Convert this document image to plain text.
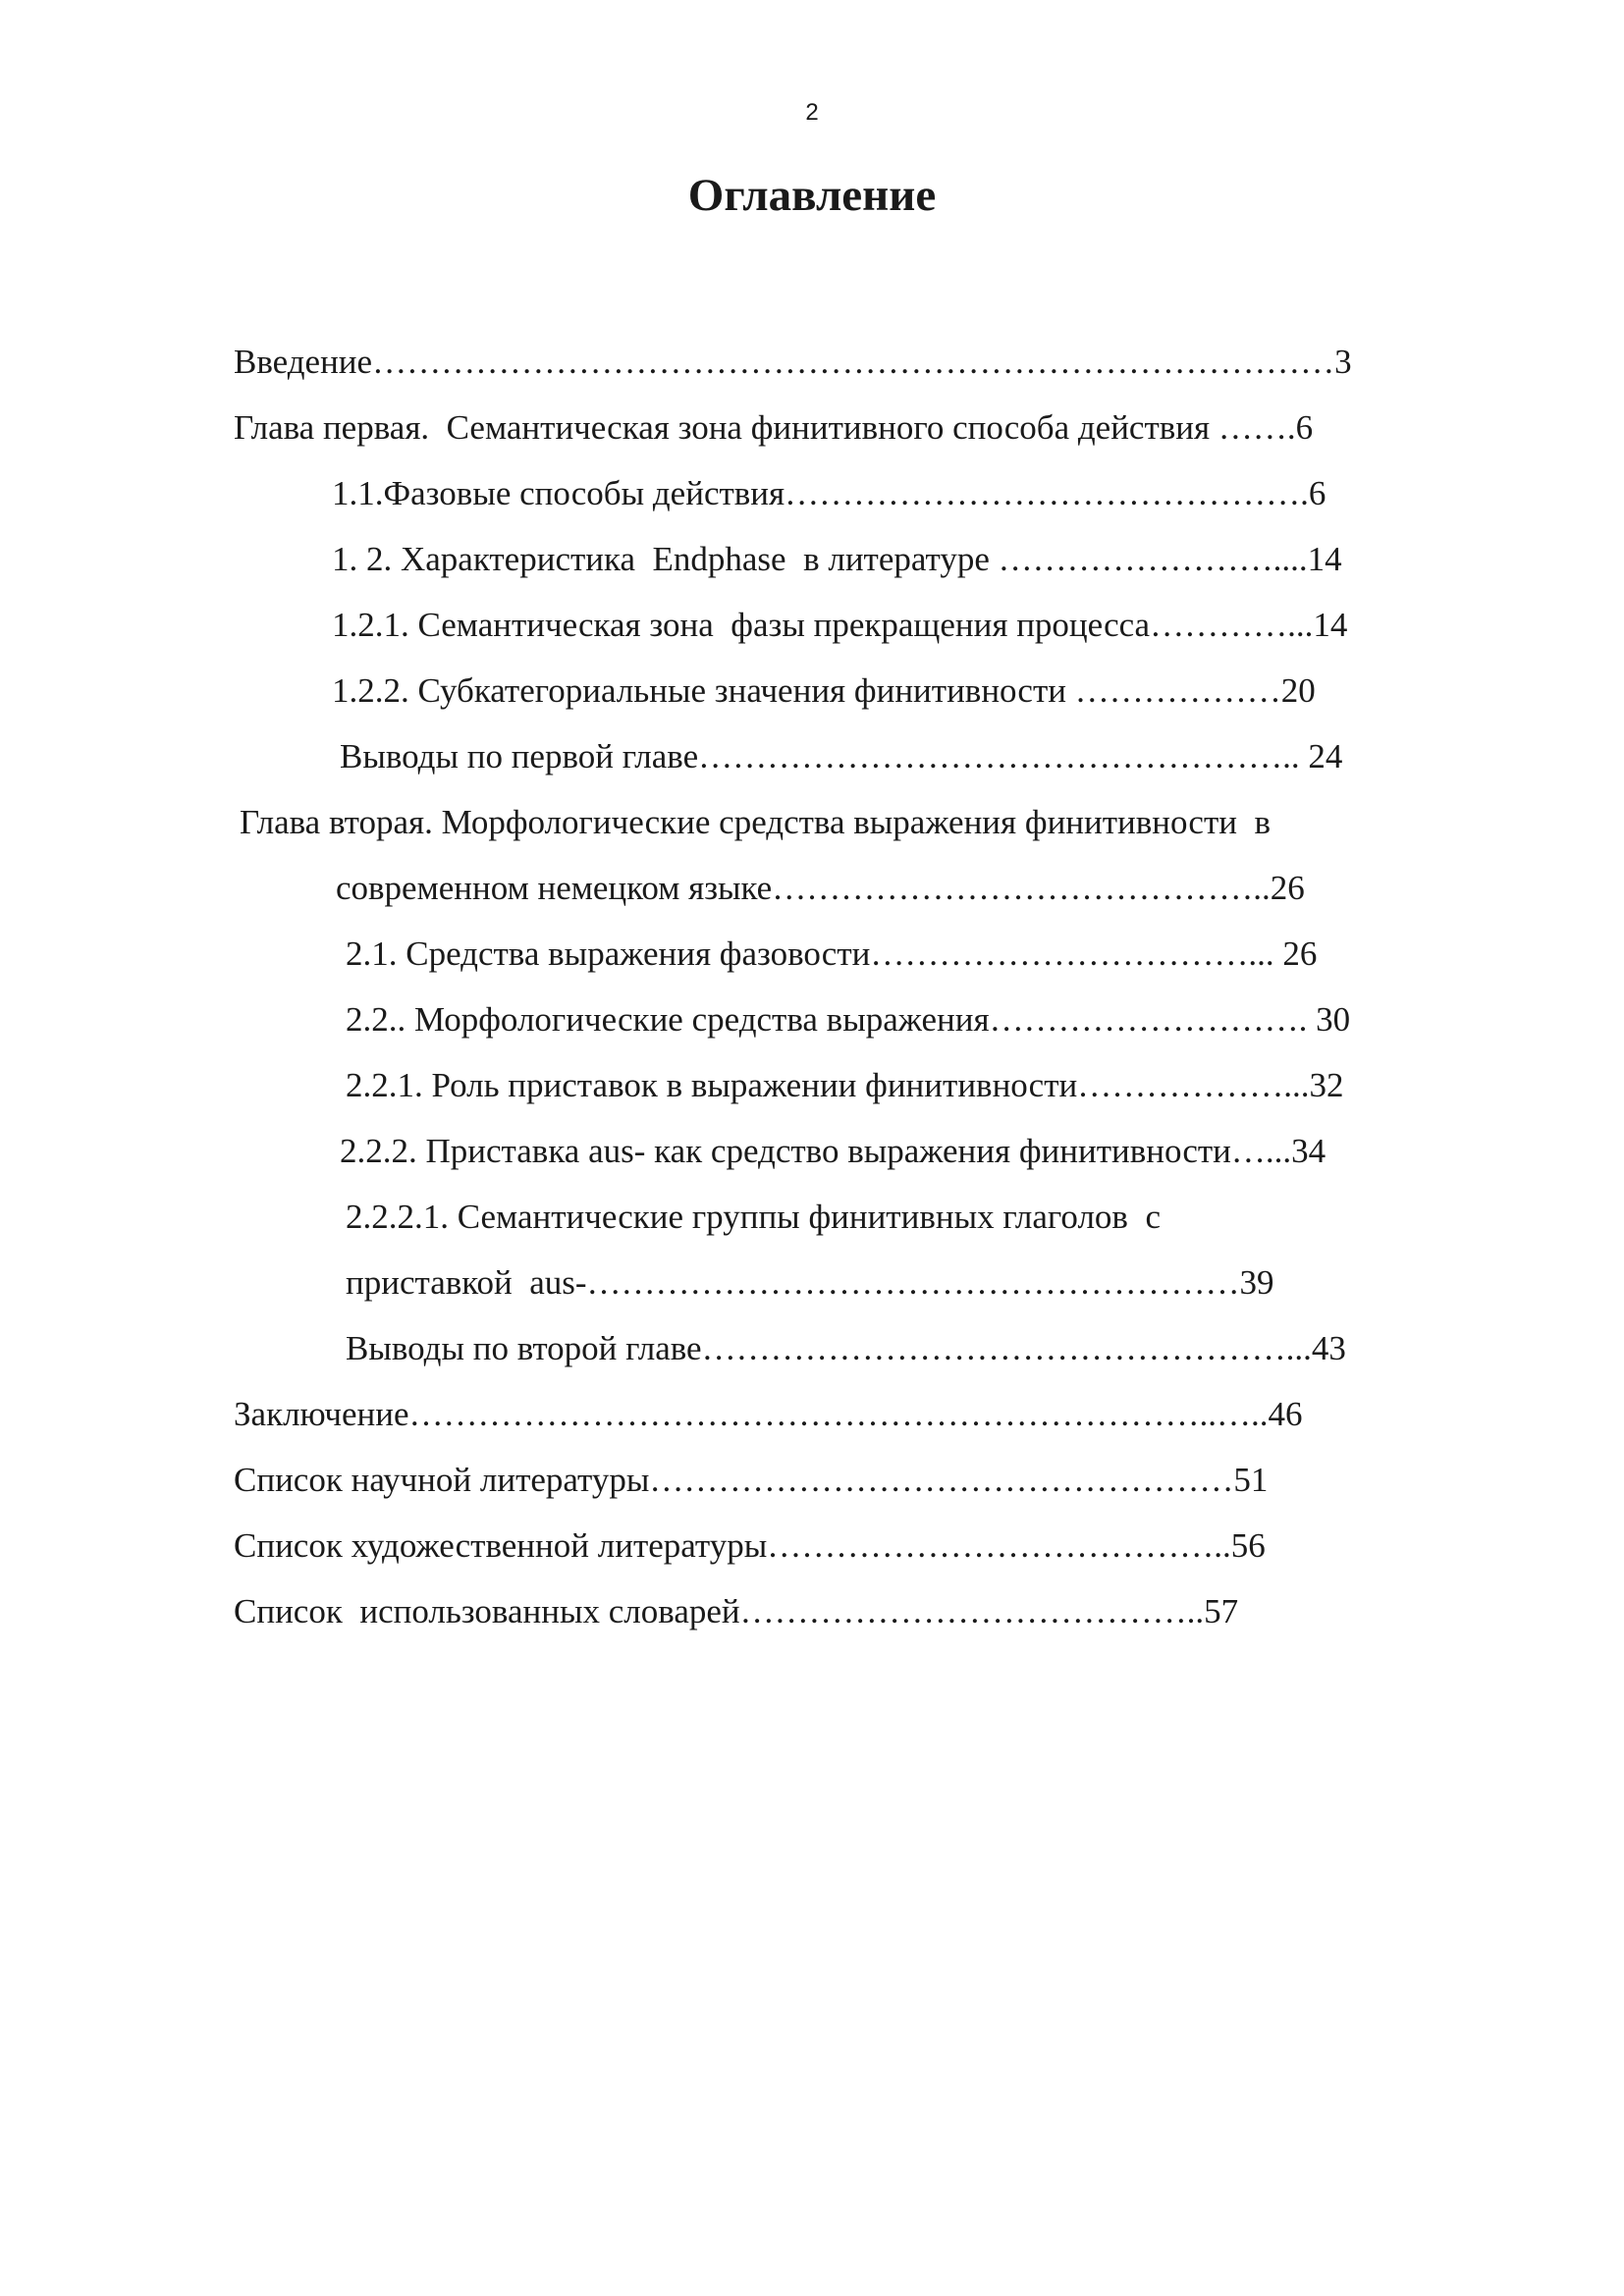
2
Оглавление
Введение…………………………………………………………………………3
Глава первая.  Семантическая зона финитивного способа действия …….6
1.1.Фазовые способы действия……………………………………….6
1. 2. Характеристика  Endphase  в литературе ……………………....14
1.2.1. Семантическая зона  фазы прекращения процесса…………...14
1.2.2. Субкатегориальные значения финитивности ………………20
Выводы по первой главе…………………………………………….. 24
Глава вторая. Морфологические средства выражения финитивности  в
современном немецком языке……………………………………..26
2.1. Средства выражения фазовости……………………………... 26
2.2.. Морфологические средства выражения………………………. 30
2.2.1. Роль приставок в выражении финитивности………………...32
2.2.2. Приставка aus- как средство выражения финитивности…...34
2.2.2.1. Семантические группы финитивных глаголов  с
приставкой  aus-…………………………………………………39
Выводы по второй главе……………………………………………...43
Заключение……………………………………………………………..…..46
Список научной литературы……………………………………………51
Список художественной литературы…………………………………..56
Список  использованных словарей…………………………………..57
